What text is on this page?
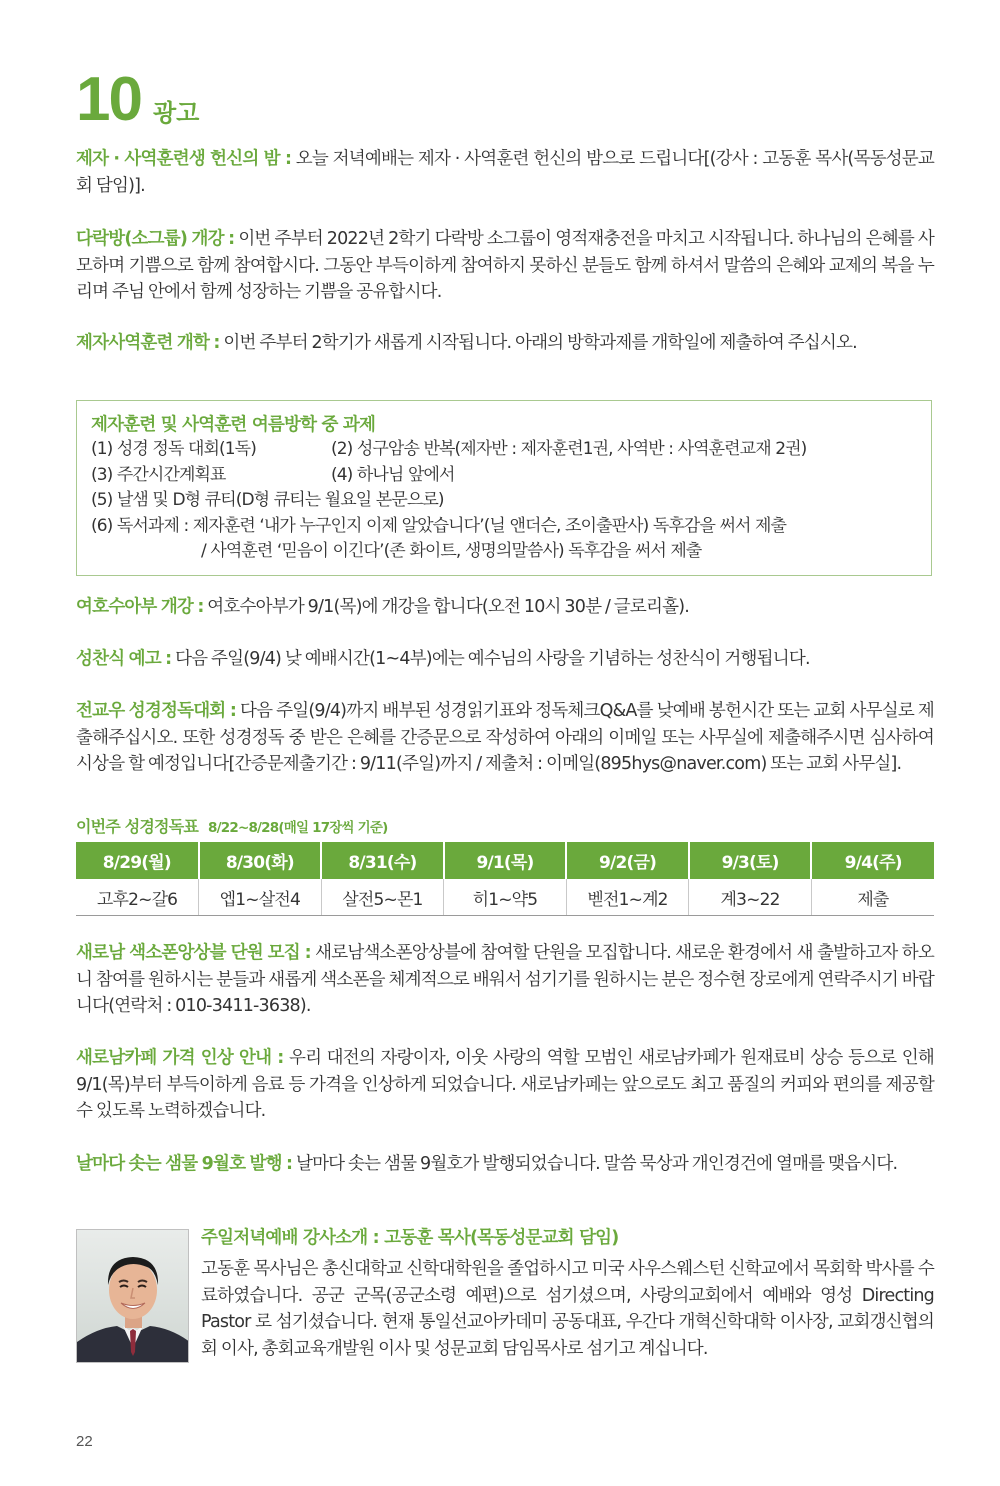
10 광고

제자 · 사역훈련생 헌신의 밤 : 오늘 저녁예배는 제자 · 사역훈련 헌신의 밤으로 드립니다[(강사 : 고동훈 목사(목동성문교회 담임)].

다락방(소그룹) 개강 : 이번 주부터 2022년 2학기 다락방 소그룹이 영적재충전을 마치고 시작됩니다. 하나님의 은혜를 사모하며 기쁨으로 함께 참여합시다. 그동안 부득이하게 참여하지 못하신 분들도 함께 하셔서 말씀의 은혜와 교제의 복을 누리며 주님 안에서 함께 성장하는 기쁨을 공유합시다.

제자사역훈련 개학 : 이번 주부터 2학기가 새롭게 시작됩니다. 아래의 방학과제를 개학일에 제출하여 주십시오.

제자훈련 및 사역훈련 여름방학 중 과제
(1) 성경 정독 대회(1독)	(2) 성구암송 반복(제자반 : 제자훈련1권, 사역반 : 사역훈련교재 2권)
(3) 주간시간계획표	(4) 하나님 앞에서
(5) 날샘 및 D형 큐티(D형 큐티는 월요일 본문으로)
(6) 독서과제 : 제자훈련 ‘내가 누구인지 이제 알았습니다’(닐 앤더슨, 조이출판사) 독후감을 써서 제출
/ 사역훈련 ‘믿음이 이긴다’(존 화이트, 생명의말씀사) 독후감을 써서 제출

여호수아부 개강 : 여호수아부가 9/1(목)에 개강을 합니다(오전 10시 30분 / 글로리홀).

성찬식 예고 : 다음 주일(9/4) 낮 예배시간(1~4부)에는 예수님의 사랑을 기념하는 성찬식이 거행됩니다.

전교우 성경정독대회 : 다음 주일(9/4)까지 배부된 성경읽기표와 정독체크Q&A를 낮예배 봉헌시간 또는 교회 사무실로 제출해주십시오. 또한 성경정독 중 받은 은혜를 간증문으로 작성하여 아래의 이메일 또는 사무실에 제출해주시면 심사하여 시상을 할 예정입니다[간증문제출기간 : 9/11(주일)까지 / 제출처 : 이메일(895hys@naver.com) 또는 교회 사무실].

이번주 성경정독표 8/22~8/28(매일 17장씩 기준)
8/29(월)	8/30(화)	8/31(수)	9/1(목)	9/2(금)	9/3(토)	9/4(주)
고후2~갈6	엡1~살전4	살전5~몬1	히1~약5	벧전1~계2	계3~22	제출

새로남 색소폰앙상블 단원 모집 : 새로남색소폰앙상블에 참여할 단원을 모집합니다. 새로운 환경에서 새 출발하고자 하오니 참여를 원하시는 분들과 새롭게 색소폰을 체계적으로 배워서 섬기기를 원하시는 분은 정수현 장로에게 연락주시기 바랍니다(연락처 : 010-3411-3638).

새로남카페 가격 인상 안내 : 우리 대전의 자랑이자, 이웃 사랑의 역할 모범인 새로남카페가 원재료비 상승 등으로 인해 9/1(목)부터 부득이하게 음료 등 가격을 인상하게 되었습니다. 새로남카페는 앞으로도 최고 품질의 커피와 편의를 제공할 수 있도록 노력하겠습니다.

날마다 솟는 샘물 9월호 발행 : 날마다 솟는 샘물 9월호가 발행되었습니다. 말씀 묵상과 개인경건에 열매를 맺읍시다.

주일저녁예배 강사소개 : 고동훈 목사(목동성문교회 담임)
고동훈 목사님은 총신대학교 신학대학원을 졸업하시고 미국 사우스웨스턴 신학교에서 목회학 박사를 수료하였습니다. 공군 군목(공군소령 예편)으로 섬기셨으며, 사랑의교회에서 예배와 영성 Directing Pastor 로 섬기셨습니다. 현재 통일선교아카데미 공동대표, 우간다 개혁신학대학 이사장, 교회갱신협의회 이사, 총회교육개발원 이사 및 성문교회 담임목사로 섬기고 계십니다.
22
